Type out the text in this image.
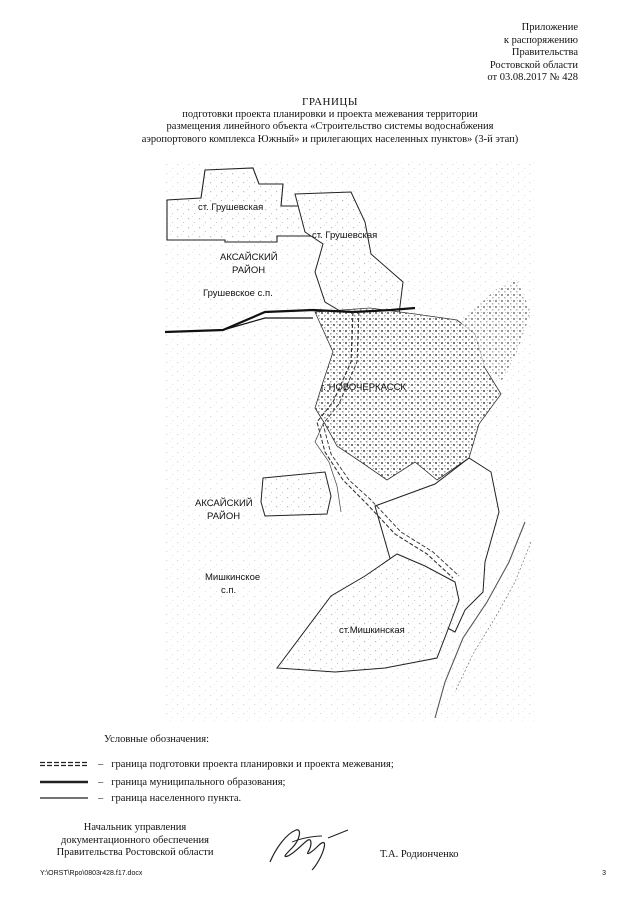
Приложение
к распоряжению
Правительства
Ростовской области
от 03.08.2017 № 428
ГРАНИЦЫ
подготовки проекта планировки и проекта межевания территории
размещения линейного объекта «Строительство системы водоснабжения
аэропортового комплекса Южный» и прилегающих населенных пунктов» (3-й этап)
ст. Грушевская
ст. Грушевская
АКСАЙСКИЙ
РАЙОН
Грушевское с.п.
г. НОВОЧЕРКАССК
АКСАЙСКИЙ
РАЙОН
Мишкинское
с.п.
ст.Мишкинская
Условные обозначения:
– граница подготовки проекта планировки и проекта межевания;
– граница муниципального образования;
– граница населенного пункта.
Начальник управления
документационного обеспечения
Правительства Ростовской области	Т.А. Родионченко
Y:\ORST\Rpo\0803r428.f17.docx	3
